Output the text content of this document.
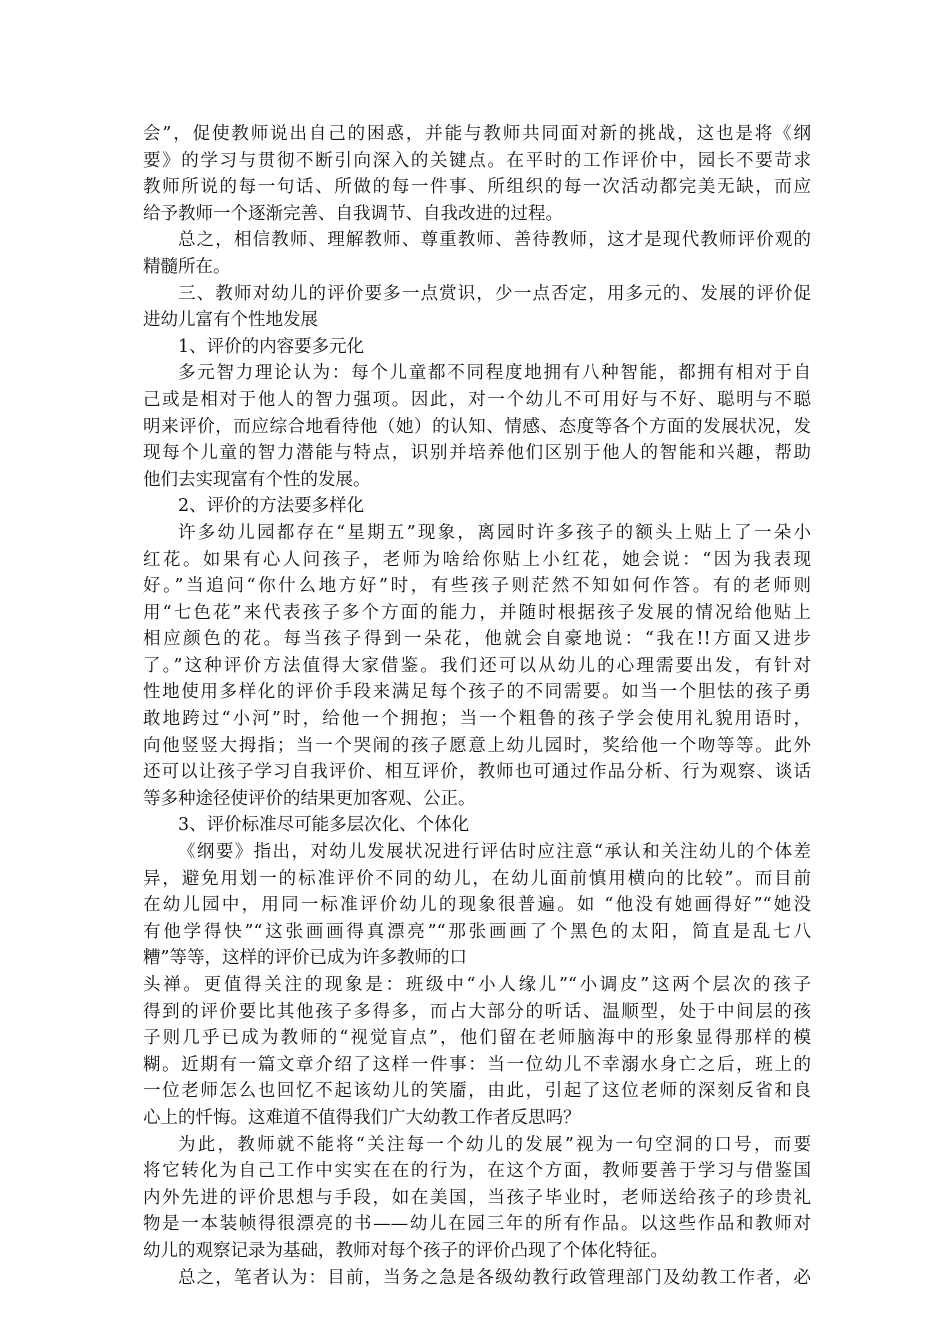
会”，促使教师说出自己的困惑，并能与教师共同面对新的挑战，这也是将《纲
要》的学习与贯彻不断引向深入的关键点。在平时的工作评价中，园长不要苛求
教师所说的每一句话、所做的每一件事、所组织的每一次活动都完美无缺，而应
给予教师一个逐渐完善、自我调节、自我改进的过程。
总之，相信教师、理解教师、尊重教师、善待教师，这才是现代教师评价观的
精髓所在。
三、教师对幼儿的评价要多一点赏识，少一点否定，用多元的、发展的评价促
进幼儿富有个性地发展
1、评价的内容要多元化
多元智力理论认为：每个儿童都不同程度地拥有八种智能，都拥有相对于自
己或是相对于他人的智力强项。因此，对一个幼儿不可用好与不好、聪明与不聪
明来评价，而应综合地看待他（她）的认知、情感、态度等各个方面的发展状况，发
现每个儿童的智力潜能与特点，识别并培养他们区别于他人的智能和兴趣，帮助
他们去实现富有个性的发展。
2、评价的方法要多样化
许多幼儿园都存在“星期五”现象，离园时许多孩子的额头上贴上了一朵小
红花。如果有心人问孩子，老师为啥给你贴上小红花，她会说：“因为我表现
好。”当追问“你什么地方好”时，有些孩子则茫然不知如何作答。有的老师则
用“七色花”来代表孩子多个方面的能力，并随时根据孩子发展的情况给他贴上
相应颜色的花。每当孩子得到一朵花，他就会自豪地说：“我在!!方面又进步
了。”这种评价方法值得大家借鉴。我们还可以从幼儿的心理需要出发，有针对
性地使用多样化的评价手段来满足每个孩子的不同需要。如当一个胆怯的孩子勇
敢地跨过“小河”时，给他一个拥抱；当一个粗鲁的孩子学会使用礼貌用语时，
向他竖竖大拇指；当一个哭闹的孩子愿意上幼儿园时，奖给他一个吻等等。此外
还可以让孩子学习自我评价、相互评价，教师也可通过作品分析、行为观察、谈话
等多种途径使评价的结果更加客观、公正。
3、评价标准尽可能多层次化、个体化
《纲要》指出，对幼儿发展状况进行评估时应注意“承认和关注幼儿的个体差
异，避免用划一的标准评价不同的幼儿，在幼儿面前慎用横向的比较”。而目前
在幼儿园中，用同一标准评价幼儿的现象很普遍。如 “他没有她画得好”“她没
有他学得快”“这张画画得真漂亮”“那张画画了个黑色的太阳，简直是乱七八
糟”等等，这样的评价已成为许多教师的口
头禅。更值得关注的现象是：班级中“小人缘儿”“小调皮”这两个层次的孩子
得到的评价要比其他孩子多得多，而占大部分的听话、温顺型，处于中间层的孩
子则几乎已成为教师的“视觉盲点”，他们留在老师脑海中的形象显得那样的模
糊。近期有一篇文章介绍了这样一件事：当一位幼儿不幸溺水身亡之后，班上的
一位老师怎么也回忆不起该幼儿的笑靥，由此，引起了这位老师的深刻反省和良
心上的忏悔。这难道不值得我们广大幼教工作者反思吗？
为此，教师就不能将“关注每一个幼儿的发展”视为一句空洞的口号，而要
将它转化为自己工作中实实在在的行为，在这个方面，教师要善于学习与借鉴国
内外先进的评价思想与手段，如在美国，当孩子毕业时，老师送给孩子的珍贵礼
物是一本装帧得很漂亮的书——幼儿在园三年的所有作品。以这些作品和教师对
幼儿的观察记录为基础，教师对每个孩子的评价凸现了个体化特征。
总之，笔者认为：目前，当务之急是各级幼教行政管理部门及幼教工作者，必
